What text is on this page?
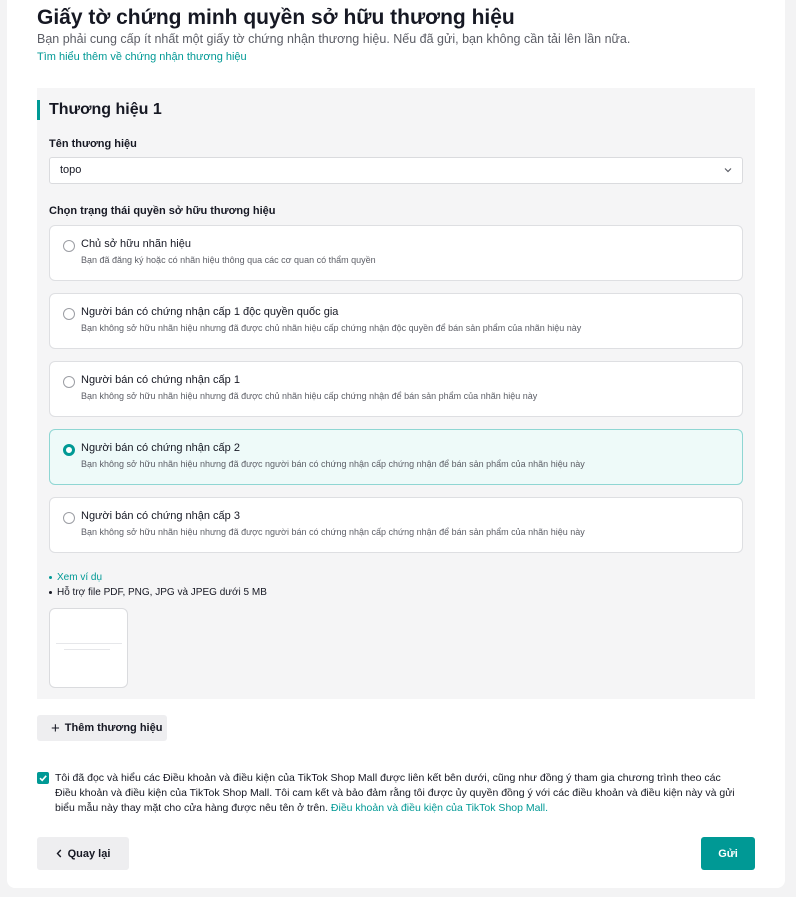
Giấy tờ chứng minh quyền sở hữu thương hiệu
Bạn phải cung cấp ít nhất một giấy tờ chứng nhận thương hiệu. Nếu đã gửi, bạn không cần tải lên lần nữa.
Tìm hiểu thêm về chứng nhận thương hiệu
Thương hiệu 1
Tên thương hiệu
topo
Chọn trạng thái quyền sở hữu thương hiệu
Chủ sở hữu nhãn hiệu
Bạn đã đăng ký hoặc có nhãn hiệu thông qua các cơ quan có thẩm quyền
Người bán có chứng nhận cấp 1 độc quyền quốc gia
Bạn không sở hữu nhãn hiệu nhưng đã được chủ nhãn hiệu cấp chứng nhận độc quyền để bán sản phẩm của nhãn hiệu này
Người bán có chứng nhận cấp 1
Bạn không sở hữu nhãn hiệu nhưng đã được chủ nhãn hiệu cấp chứng nhận để bán sản phẩm của nhãn hiệu này
Người bán có chứng nhận cấp 2
Bạn không sở hữu nhãn hiệu nhưng đã được người bán có chứng nhận cấp chứng nhận để bán sản phẩm của nhãn hiệu này
Người bán có chứng nhận cấp 3
Bạn không sở hữu nhãn hiệu nhưng đã được người bán có chứng nhận cấp chứng nhận để bán sản phẩm của nhãn hiệu này
Xem ví dụ
Hỗ trợ file PDF, PNG, JPG và JPEG dưới 5 MB
+ Thêm thương hiệu
Tôi đã đọc và hiểu các Điều khoản và điều kiện của TikTok Shop Mall được liên kết bên dưới, cũng như đồng ý tham gia chương trình theo các
Điều khoản và điều kiện của TikTok Shop Mall. Tôi cam kết và bảo đảm rằng tôi được ủy quyền đồng ý với các điều khoản và điều kiện này và gửi
biểu mẫu này thay mặt cho cửa hàng được nêu tên ở trên. Điều khoản và điều kiện của TikTok Shop Mall.
Quay lại	Gửi
